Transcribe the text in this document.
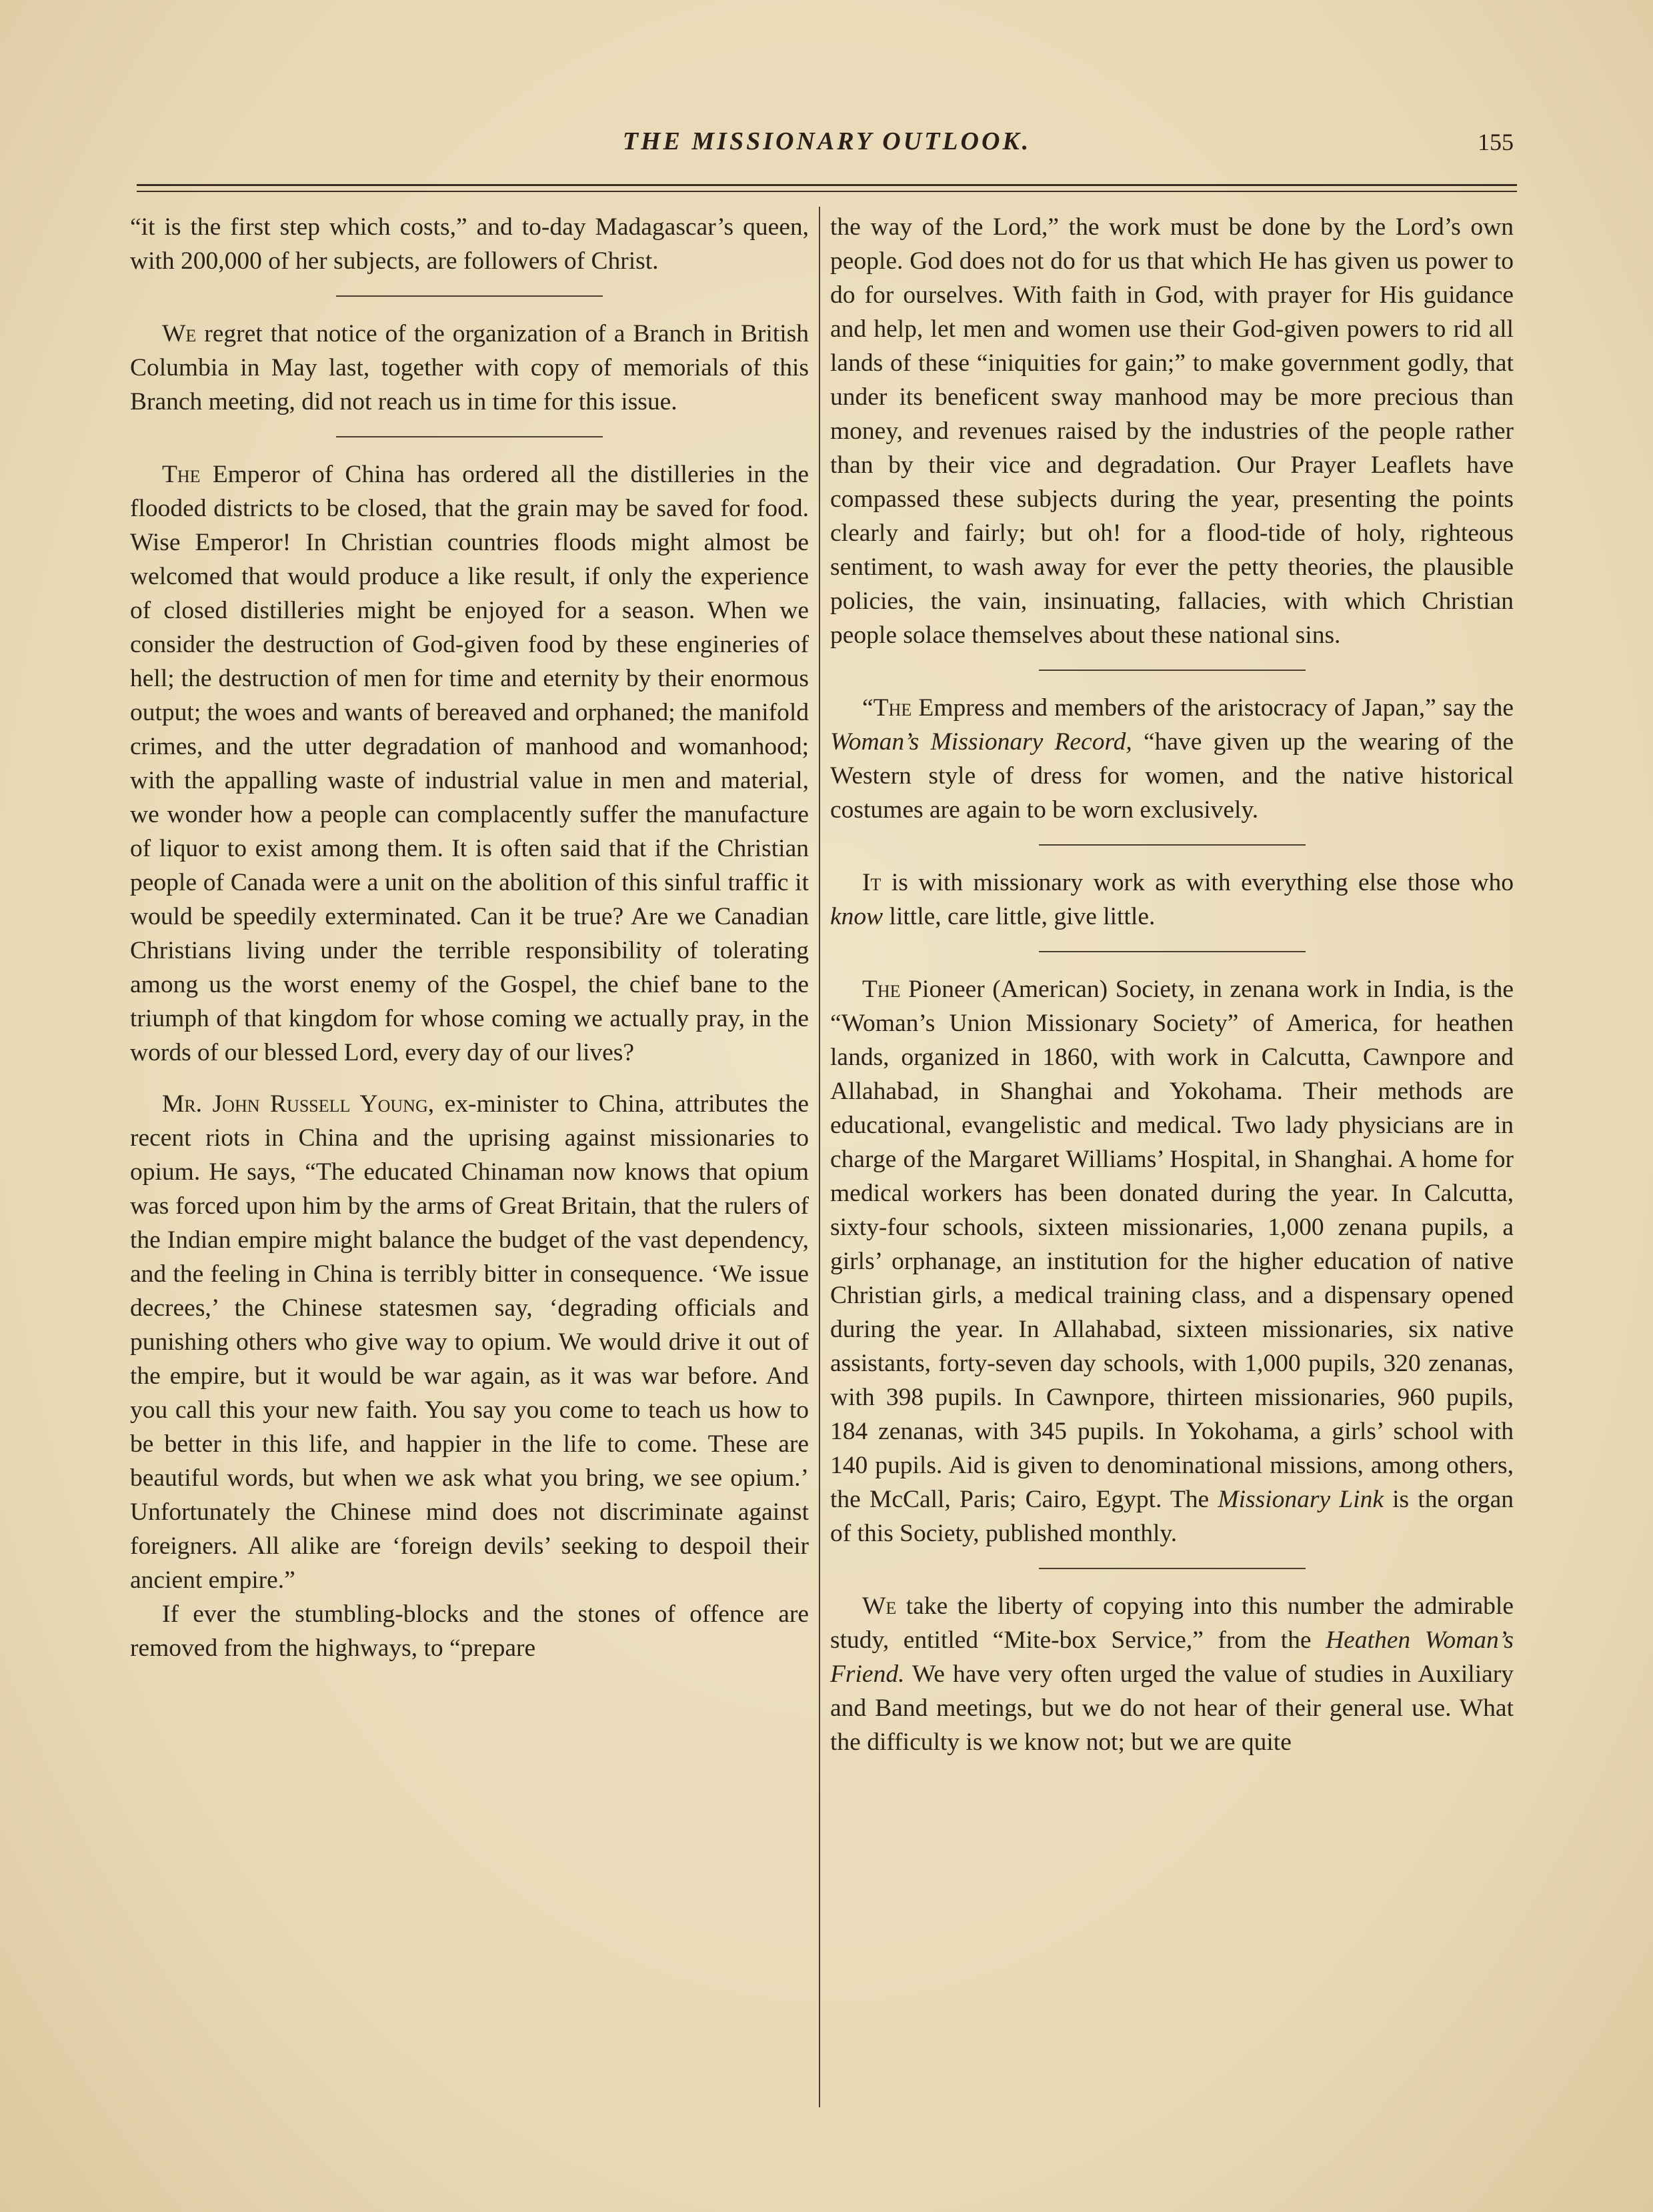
THE MISSIONARY OUTLOOK.	155

“it is the first step which costs,” and to-day Madagascar’s queen, with 200,000 of her subjects, are followers of Christ.

We regret that notice of the organization of a Branch in British Columbia in May last, together with copy of memorials of this Branch meeting, did not reach us in time for this issue.

The Emperor of China has ordered all the distilleries in the flooded districts to be closed, that the grain may be saved for food. Wise Emperor! In Christian countries floods might almost be welcomed that would produce a like result, if only the experience of closed distilleries might be enjoyed for a season. When we consider the destruction of God-given food by these engineries of hell; the destruction of men for time and eternity by their enormous output; the woes and wants of bereaved and orphaned; the manifold crimes, and the utter degradation of manhood and womanhood; with the appalling waste of industrial value in men and material, we wonder how a people can complacently suffer the manufacture of liquor to exist among them. It is often said that if the Christian people of Canada were a unit on the abolition of this sinful traffic it would be speedily exterminated. Can it be true? Are we Canadian Christians living under the terrible responsibility of tolerating among us the worst enemy of the Gospel, the chief bane to the triumph of that kingdom for whose coming we actually pray, in the words of our blessed Lord, every day of our lives?

Mr. John Russell Young, ex-minister to China, attributes the recent riots in China and the uprising against missionaries to opium. He says, “The educated Chinaman now knows that opium was forced upon him by the arms of Great Britain, that the rulers of the Indian empire might balance the budget of the vast dependency, and the feeling in China is terribly bitter in consequence. ‘We issue decrees,’ the Chinese statesmen say, ‘degrading officials and punishing others who give way to opium. We would drive it out of the empire, but it would be war again, as it was war before. And you call this your new faith. You say you come to teach us how to be better in this life, and happier in the life to come. These are beautiful words, but when we ask what you bring, we see opium.’ Unfortunately the Chinese mind does not discriminate against foreigners. All alike are ‘foreign devils’ seeking to despoil their ancient empire.”

If ever the stumbling-blocks and the stones of offence are removed from the highways, to “prepare

the way of the Lord,” the work must be done by the Lord’s own people. God does not do for us that which He has given us power to do for ourselves. With faith in God, with prayer for His guidance and help, let men and women use their God-given powers to rid all lands of these “iniquities for gain;” to make government godly, that under its beneficent sway manhood may be more precious than money, and revenues raised by the industries of the people rather than by their vice and degradation. Our Prayer Leaflets have compassed these subjects during the year, presenting the points clearly and fairly; but oh! for a flood-tide of holy, righteous sentiment, to wash away for ever the petty theories, the plausible policies, the vain, insinuating, fallacies, with which Christian people solace themselves about these national sins.

“The Empress and members of the aristocracy of Japan,” say the Woman’s Missionary Record, “have given up the wearing of the Western style of dress for women, and the native historical costumes are again to be worn exclusively.

It is with missionary work as with everything else those who know little, care little, give little.

The Pioneer (American) Society, in zenana work in India, is the “Woman’s Union Missionary Society” of America, for heathen lands, organized in 1860, with work in Calcutta, Cawnpore and Allahabad, in Shanghai and Yokohama. Their methods are educational, evangelistic and medical. Two lady physicians are in charge of the Margaret Williams’ Hospital, in Shanghai. A home for medical workers has been donated during the year. In Calcutta, sixty-four schools, sixteen missionaries, 1,000 zenana pupils, a girls’ orphanage, an institution for the higher education of native Christian girls, a medical training class, and a dispensary opened during the year. In Allahabad, sixteen missionaries, six native assistants, forty-seven day schools, with 1,000 pupils, 320 zenanas, with 398 pupils. In Cawnpore, thirteen missionaries, 960 pupils, 184 zenanas, with 345 pupils. In Yokohama, a girls’ school with 140 pupils. Aid is given to denominational missions, among others, the McCall, Paris; Cairo, Egypt. The Missionary Link is the organ of this Society, published monthly.

We take the liberty of copying into this number the admirable study, entitled “Mite-box Service,” from the Heathen Woman’s Friend. We have very often urged the value of studies in Auxiliary and Band meetings, but we do not hear of their general use. What the difficulty is we know not; but we are quite
